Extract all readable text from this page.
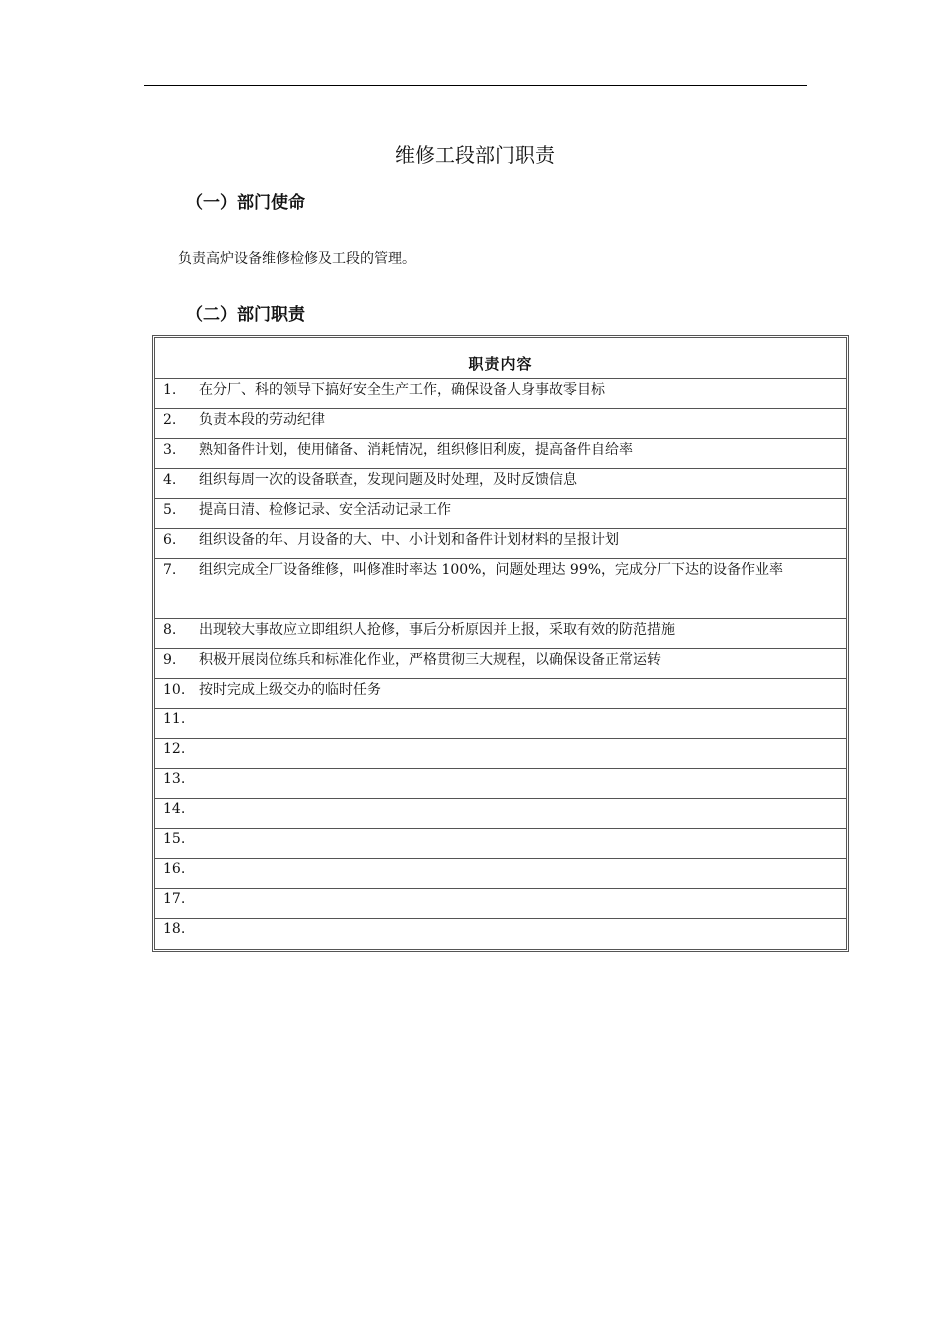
维修工段部门职责
（一）部门使命
负责高炉设备维修检修及工段的管理。
（二）部门职责
职责内容
1.	在分厂、科的领导下搞好安全生产工作，确保设备人身事故零目标
2.	负责本段的劳动纪律
3.	熟知备件计划，使用储备、消耗情况，组织修旧利废，提高备件自给率
4.	组织每周一次的设备联查，发现问题及时处理，及时反馈信息
5.	提高日清、检修记录、安全活动记录工作
6.	组织设备的年、月设备的大、中、小计划和备件计划材料的呈报计划
7.	组织完成全厂设备维修，叫修准时率达 100%，问题处理达 99%，完成分厂下达的设备作业率
8.	出现较大事故应立即组织人抢修，事后分析原因并上报，采取有效的防范措施
9.	积极开展岗位练兵和标准化作业，严格贯彻三大规程，以确保设备正常运转
10. 按时完成上级交办的临时任务
11.
12.
13.
14.
15.
16.
17.
18.
